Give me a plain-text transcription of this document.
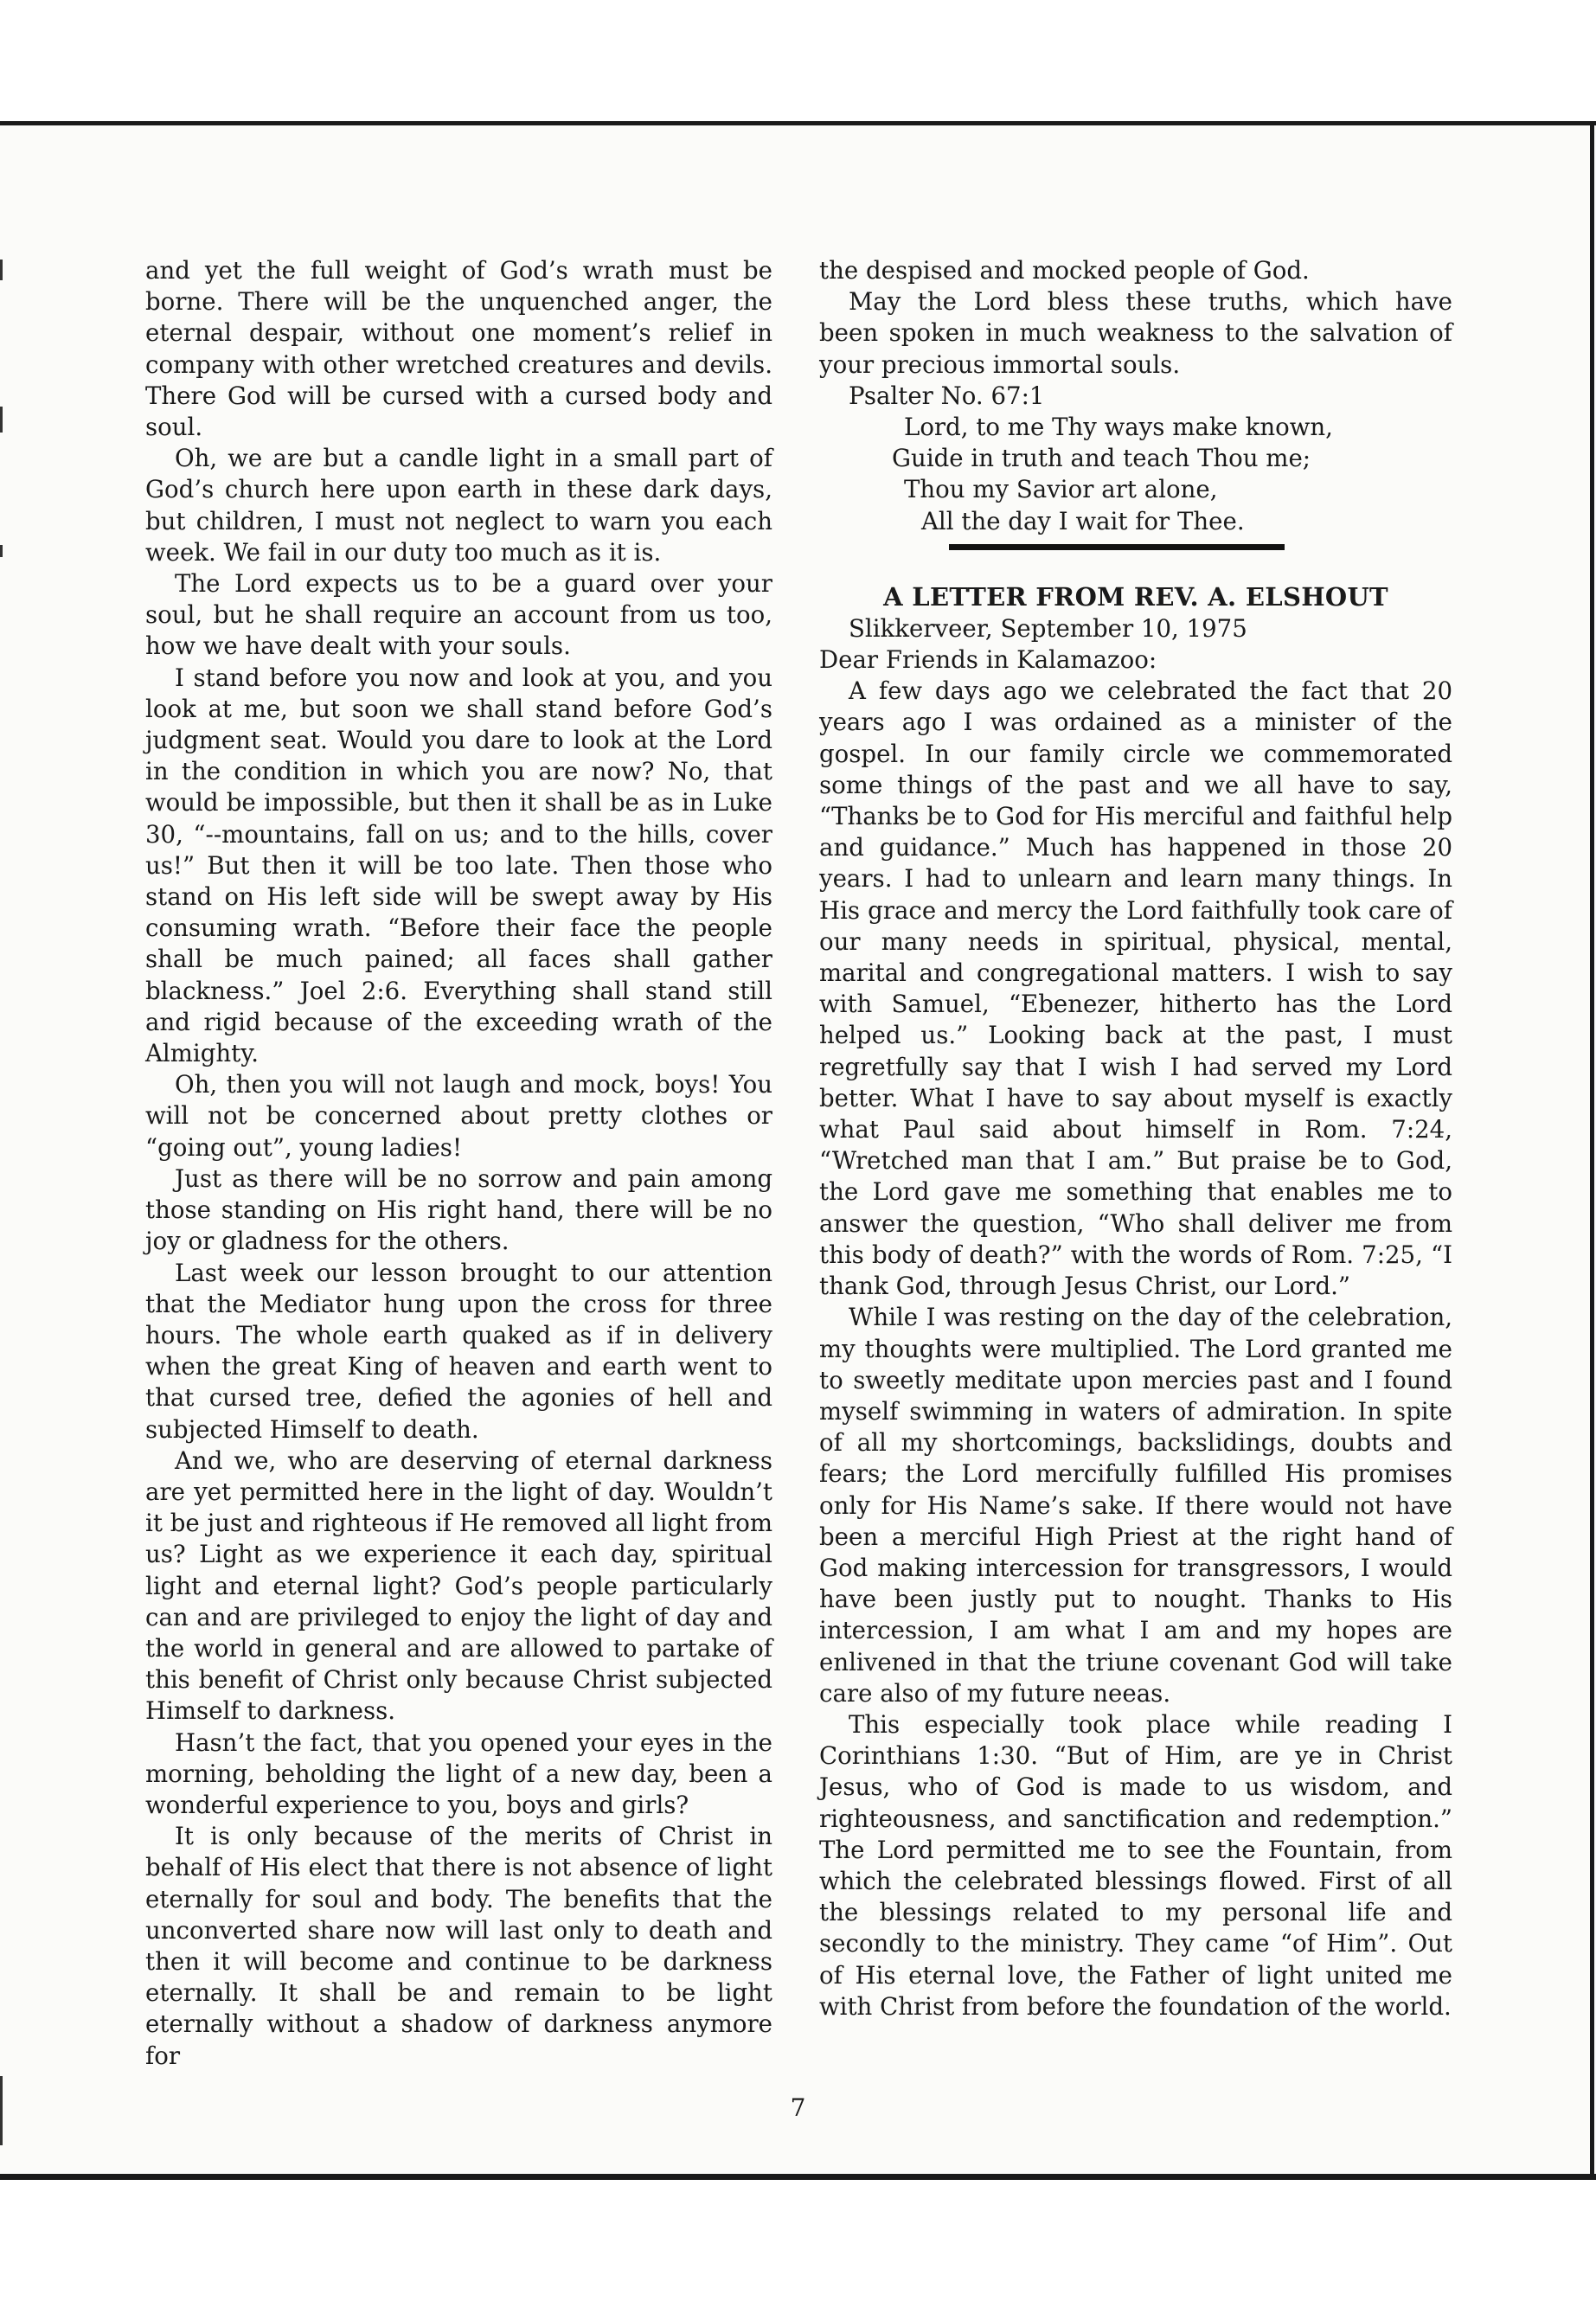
and yet the full weight of God’s wrath must be borne. There will be the unquenched anger, the eternal despair, without one moment’s relief in company with other wretched creatures and devils. There God will be cursed with a cursed body and soul.

Oh, we are but a candle light in a small part of God’s church here upon earth in these dark days, but children, I must not neglect to warn you each week. We fail in our duty too much as it is.

The Lord expects us to be a guard over your soul, but he shall require an account from us too, how we have dealt with your souls.

I stand before you now and look at you, and you look at me, but soon we shall stand before God’s judgment seat. Would you dare to look at the Lord in the condition in which you are now? No, that would be impossible, but then it shall be as in Luke 30, “--mountains, fall on us; and to the hills, cover us!” But then it will be too late. Then those who stand on His left side will be swept away by His consuming wrath. “Before their face the people shall be much pained; all faces shall gather blackness.” Joel 2:6. Everything shall stand still and rigid because of the exceeding wrath of the Almighty.

Oh, then you will not laugh and mock, boys! You will not be concerned about pretty clothes or “going out”, young ladies!

Just as there will be no sorrow and pain among those standing on His right hand, there will be no joy or gladness for the others.

Last week our lesson brought to our attention that the Mediator hung upon the cross for three hours. The whole earth quaked as if in delivery when the great King of heaven and earth went to that cursed tree, defied the agonies of hell and subjected Himself to death.

And we, who are deserving of eternal darkness are yet permitted here in the light of day. Wouldn’t it be just and righteous if He removed all light from us? Light as we experience it each day, spiritual light and eternal light? God’s people particularly can and are privileged to enjoy the light of day and the world in general and are allowed to partake of this benefit of Christ only because Christ subjected Himself to darkness.

Hasn’t the fact, that you opened your eyes in the morning, beholding the light of a new day, been a wonderful experience to you, boys and girls?

It is only because of the merits of Christ in behalf of His elect that there is not absence of light eternally for soul and body. The benefits that the unconverted share now will last only to death and then it will become and continue to be darkness eternally. It shall be and remain to be light eternally without a shadow of darkness anymore for

the despised and mocked people of God.

May the Lord bless these truths, which have been spoken in much weakness to the salvation of your precious immortal souls.

Psalter No. 67:1

Lord, to me Thy ways make known,

Guide in truth and teach Thou me;

Thou my Savior art alone,

All the day I wait for Thee.

A LETTER FROM REV. A. ELSHOUT

Slikkerveer, September 10, 1975

Dear Friends in Kalamazoo:

A few days ago we celebrated the fact that 20 years ago I was ordained as a minister of the gospel. In our family circle we commemorated some things of the past and we all have to say, “Thanks be to God for His merciful and faithful help and guidance.” Much has happened in those 20 years. I had to unlearn and learn many things. In His grace and mercy the Lord faithfully took care of our many needs in spiritual, physical, mental, marital and congregational matters. I wish to say with Samuel, “Ebenezer, hitherto has the Lord helped us.” Looking back at the past, I must regretfully say that I wish I had served my Lord better. What I have to say about myself is exactly what Paul said about himself in Rom. 7:24, “Wretched man that I am.” But praise be to God, the Lord gave me something that enables me to answer the question, “Who shall deliver me from this body of death?” with the words of Rom. 7:25, “I thank God, through Jesus Christ, our Lord.”

While I was resting on the day of the celebration, my thoughts were multiplied. The Lord granted me to sweetly meditate upon mercies past and I found myself swimming in waters of admiration. In spite of all my shortcomings, backslidings, doubts and fears; the Lord mercifully fulfilled His promises only for His Name’s sake. If there would not have been a merciful High Priest at the right hand of God making intercession for transgressors, I would have been justly put to nought. Thanks to His intercession, I am what I am and my hopes are enlivened in that the triune covenant God will take care also of my future neeas.

This especially took place while reading I Corinthians 1:30. “But of Him, are ye in Christ Jesus, who of God is made to us wisdom, and righteousness, and sanctification and redemption.” The Lord permitted me to see the Fountain, from which the celebrated blessings flowed. First of all the blessings related to my personal life and secondly to the ministry. They came “of Him”. Out of His eternal love, the Father of light united me with Christ from before the foundation of the world.

7
